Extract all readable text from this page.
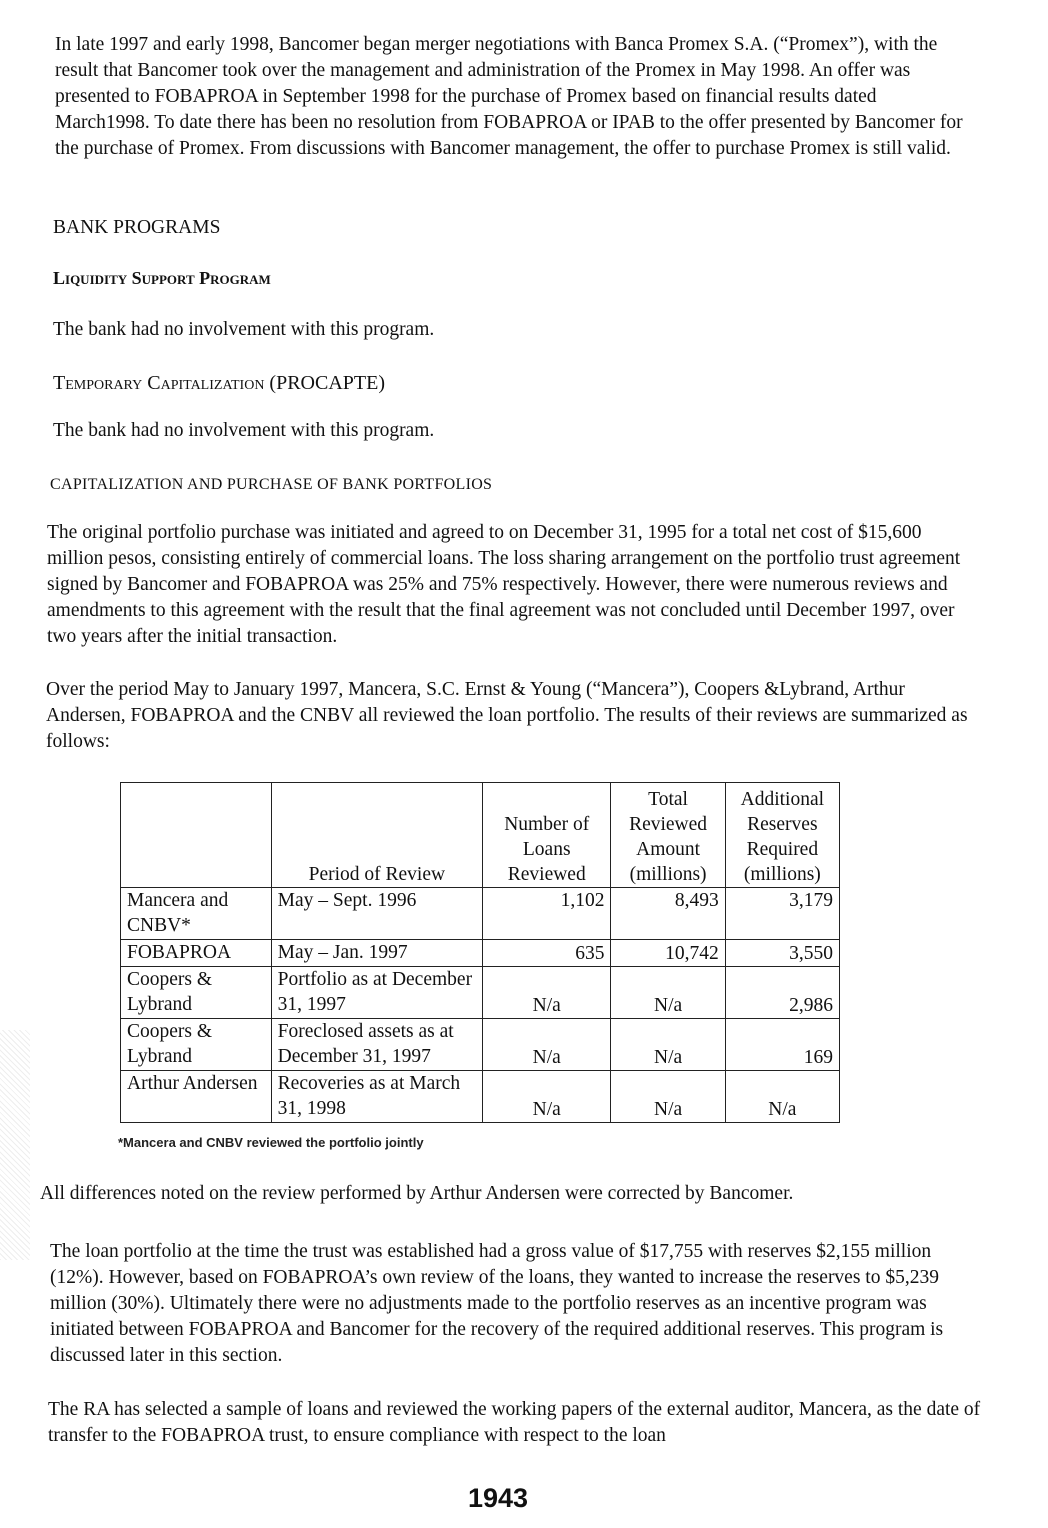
In late 1997 and early 1998, Bancomer began merger negotiations with Banca Promex S.A. (“Promex”), with the result that Bancomer took over the management and administration of the Promex in May 1998. An offer was presented to FOBAPROA in September 1998 for the purchase of Promex based on financial results dated March1998. To date there has been no resolution from FOBAPROA or IPAB to the offer presented by Bancomer for the purchase of Promex. From discussions with Bancomer management, the offer to purchase Promex is still valid.

BANK PROGRAMS

Liquidity Support Program

The bank had no involvement with this program.

Temporary Capitalization (PROCAPTE)

The bank had no involvement with this program.

CAPITALIZATION AND PURCHASE OF BANK PORTFOLIOS

The original portfolio purchase was initiated and agreed to on December 31, 1995 for a total net cost of $15,600 million pesos, consisting entirely of commercial loans. The loss sharing arrangement on the portfolio trust agreement signed by Bancomer and FOBAPROA was 25% and 75% respectively. However, there were numerous reviews and amendments to this agreement with the result that the final agreement was not concluded until December 1997, over two years after the initial transaction.

Over the period May to January 1997, Mancera, S.C. Ernst & Young (“Mancera”), Coopers &Lybrand, Arthur Andersen, FOBAPROA and the CNBV all reviewed the loan portfolio. The results of their reviews are summarized as follows:

	Period of Review	Number of Loans Reviewed	Total Reviewed Amount (millions)	Additional Reserves Required (millions)
Mancera and CNBV*	May – Sept. 1996	1,102	8,493	3,179
FOBAPROA	May – Jan. 1997	635	10,742	3,550
Coopers & Lybrand	Portfolio as at December 31, 1997	N/a	N/a	2,986
Coopers & Lybrand	Foreclosed assets as at December 31, 1997	N/a	N/a	169
Arthur Andersen	Recoveries as at March 31, 1998	N/a	N/a	N/a
*Mancera and CNBV reviewed the portfolio jointly

All differences noted on the review performed by Arthur Andersen were corrected by Bancomer.

The loan portfolio at the time the trust was established had a gross value of $17,755 with reserves $2,155 million (12%). However, based on FOBAPROA’s own review of the loans, they wanted to increase the reserves to $5,239 million (30%). Ultimately there were no adjustments made to the portfolio reserves as an incentive program was initiated between FOBAPROA and Bancomer for the recovery of the required additional reserves. This program is discussed later in this section.

The RA has selected a sample of loans and reviewed the working papers of the external auditor, Mancera, as the date of transfer to the FOBAPROA trust, to ensure compliance with respect to the loan

1943
